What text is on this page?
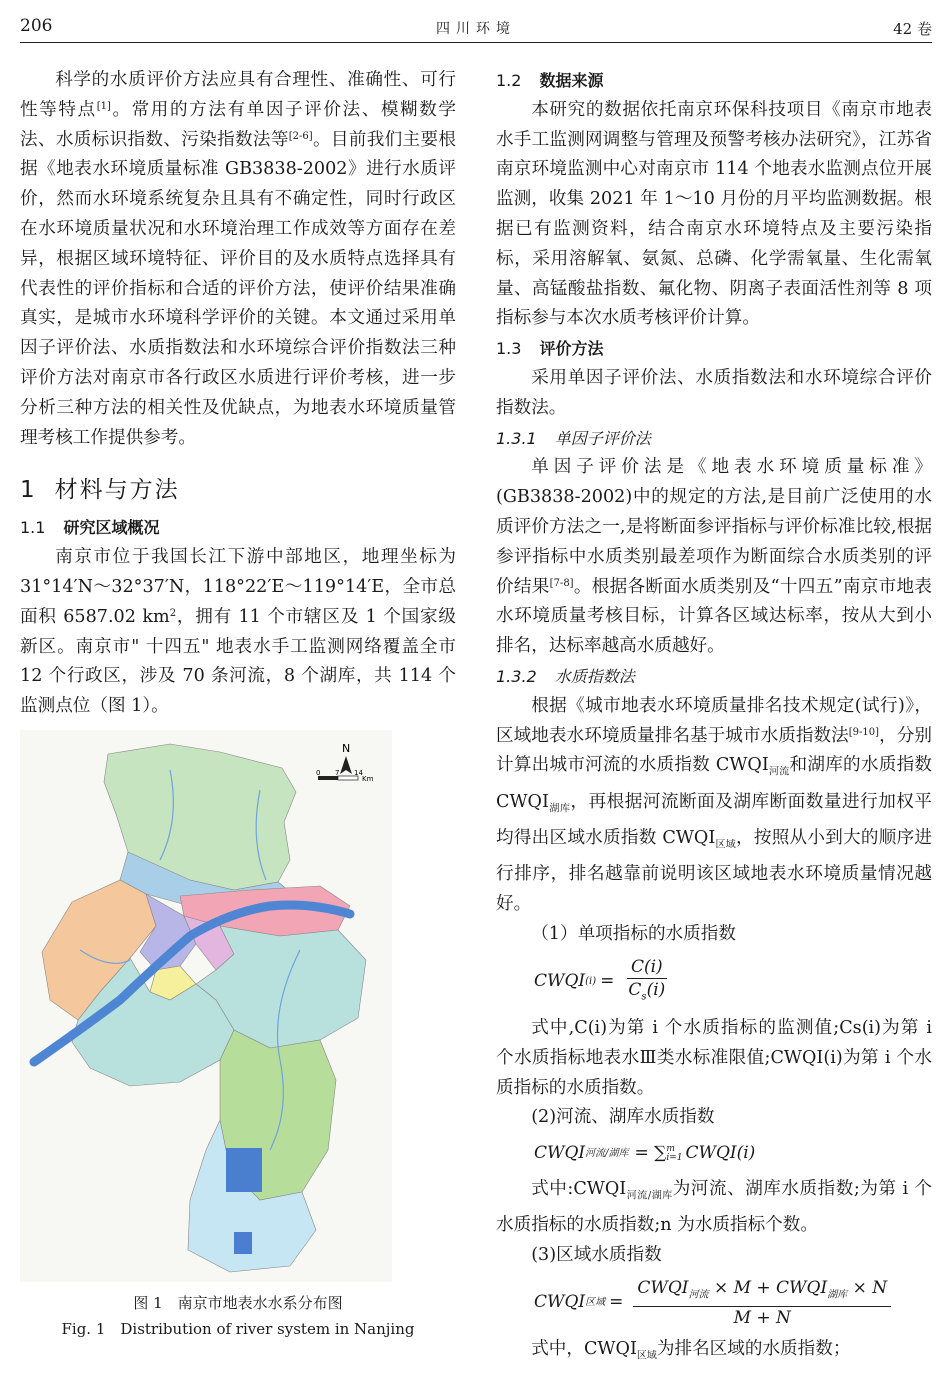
206	四川环境	42 卷

科学的水质评价方法应具有合理性、准确性、可行性等特点[1]。常用的方法有单因子评价法、模糊数学法、水质标识指数、污染指数法等[2-6]。目前我们主要根据《地表水环境质量标准 GB3838-2002》进行水质评价，然而水环境系统复杂且具有不确定性，同时行政区在水环境质量状况和水环境治理工作成效等方面存在差异，根据区域环境特征、评价目的及水质特点选择具有代表性的评价指标和合适的评价方法，使评价结果准确真实，是城市水环境科学评价的关键。本文通过采用单因子评价法、水质指数法和水环境综合评价指数法三种评价方法对南京市各行政区水质进行评价考核，进一步分析三种方法的相关性及优缺点，为地表水环境质量管理考核工作提供参考。

1 材料与方法
1.1 研究区域概况

南京市位于我国长江下游中部地区，地理坐标为 31°14′N～32°37′N，118°22′E～119°14′E，全市总面积 6587.02 $km^2$，拥有 11 个市辖区及 1 个国家级新区。南京市" 十四五" 地表水手工监测网络覆盖全市 12 个行政区，涉及 70 条河流，8 个湖库，共 114 个监测点位（图 1）。

N
0 7 14
Km
图 1　南京市地表水水系分布图
Fig. 1　Distribution of river system in Nanjing
1.2 数据来源

本研究的数据依托南京环保科技项目《南京市地表水手工监测网调整与管理及预警考核办法研究》，江苏省南京环境监测中心对南京市 114 个地表水监测点位开展监测，收集 2021 年 1～10 月份的月平均监测数据。根据已有监测资料，结合南京水环境特点及主要污染指标，采用溶解氧、氨氮、总磷、化学需氧量、生化需氧量、高锰酸盐指数、氟化物、阴离子表面活性剂等 8 项指标参与本次水质考核评价计算。

1.3 评价方法

采用单因子评价法、水质指数法和水环境综合评价指数法。

1.3.1 单因子评价法

单因子评价法是《地表水环境质量标准》(GB3838-2002)中的规定的方法,是目前广泛使用的水质评价方法之一,是将断面参评指标与评价标准比较,根据参评指标中水质类别最差项作为断面综合水质类别的评价结果[7-8]。根据各断面水质类别及“十四五”南京市地表水环境质量考核目标，计算各区域达标率，按从大到小排名，达标率越高水质越好。

1.3.2 水质指数法

根据《城市地表水环境质量排名技术规定(试行)》，区域地表水环境质量排名基于城市水质指数法[9-10]，分别计算出城市河流的水质指数 $CWQI_{河流}$和湖库的水质指数 $CWQI_{湖库}$，再根据河流断面及湖库断面数量进行加权平均得出区域水质指数 $CWQI_{区域}$，按照从小到大的顺序进行排序，排名越靠前说明该区域地表水环境质量情况越好。

（1）单项指标的水质指数

CWQI $(i) = \frac{C(i)}{C_s(i)}$

式中,C(i)为第 i 个水质指标的监测值;Cs(i)为第 i 个水质指标地表水Ⅲ类水标准限值;CWQI(i)为第 i 个水质指标的水质指数。

(2)河流、湖库水质指数

CWQI 河流/湖库 = ∑ m
i=1 CWQI(i)

式中$:CWQI_{河流/湖库}$为河流、湖库水质指数;为第 i 个水质指标的水质指数;n 为水质指标个数。

(3)区域水质指数

CWQI 区域 = $\frac{CWQI_{河流} \times M + CWQI_{湖库} \times N}{M + N}$

式中，$CWQI_{区域}$为排名区域的水质指数；
